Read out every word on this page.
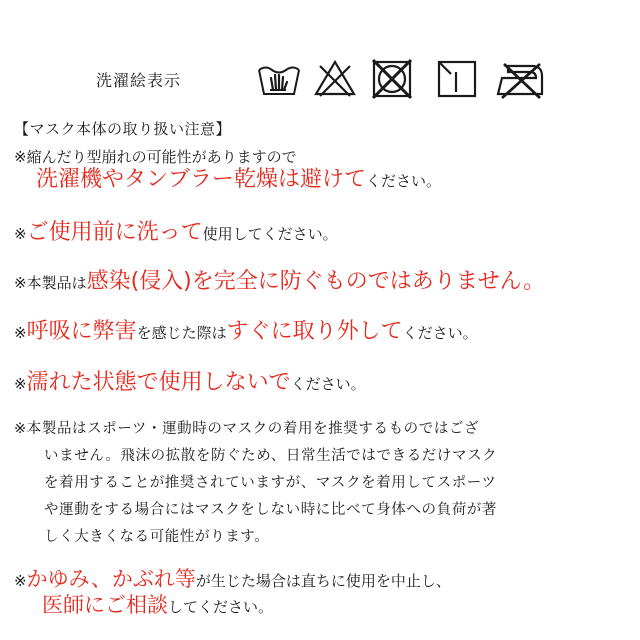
洗濯絵表示
【マスク本体の取り扱い注意】
※縮んだり型崩れの可能性がありますので
洗濯機やタンブラー乾燥は避けてください。
※ご使用前に洗って使用してください。
※本製品は感染(侵入)を完全に防ぐものではありません。
※呼吸に弊害を感じた際はすぐに取り外してください。
※濡れた状態で使用しないでください。
※本製品はスポーツ・運動時のマスクの着用を推奨するものではござ
いません。飛沫の拡散を防ぐため、日常生活ではできるだけマスク
を着用することが推奨されていますが、マスクを着用してスポーツ
や運動をする場合にはマスクをしない時に比べて身体への負荷が著
しく大きくなる可能性がります。
※かゆみ、かぶれ等が生じた場合は直ちに使用を中止し、
医師にご相談してください。
